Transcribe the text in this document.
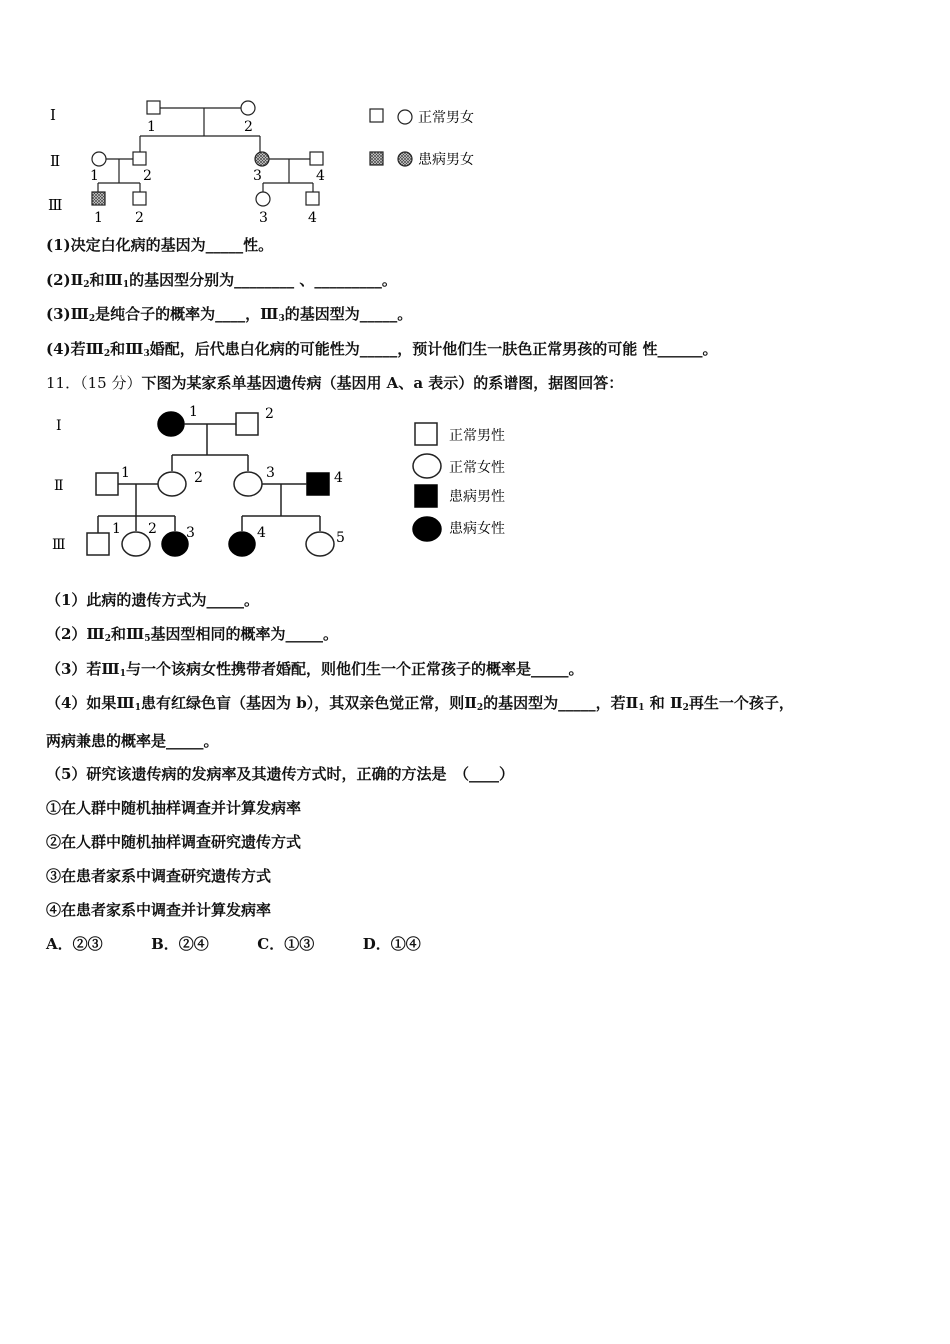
Ⅰ
Ⅱ
Ⅲ
1	2
1	2	3	4
1 2	3	4
正常男女
患病男女
(1)决定白化病的基因为_____性。
$(2)Ⅱ_2$和$Ⅲ_1$的基因型分别为________ 、_________。
$(3)Ⅲ_2$是纯合子的概率为____，$Ⅲ_3$的基因型为_____。
(4)若$Ⅲ_2$和$Ⅲ_3$婚配，后代患白化病的可能性为_____，预计他们生一肤色正常男孩的可能 性______。
11．（15 分）下图为某家系单基因遗传病（基因用 A、a 表示）的系谱图，据图回答：
Ⅰ
Ⅱ
Ⅲ
1	2
1	2	3	4
1 2 3	4	5
正常男性
正常女性
患病男性
患病女性
（1）此病的遗传方式为_____。
$(2)Ⅲ_2$和$Ⅲ_5$基因型相同的概率为_____。
（3）若$Ⅲ_1$与一个该病女性携带者婚配，则他们生一个正常孩子的概率是_____。
（4）如果$Ⅲ_1$患有红绿色盲（基因为 b），其双亲色觉正常，则$Ⅱ_2$的基因型为_____，若$Ⅱ_1$ 和 $Ⅱ_2$再生一个孩子，
两病兼患的概率是_____。
（5）研究该遗传病的发病率及其遗传方式时，正确的方法是　（____）
①在人群中随机抽样调查并计算发病率
②在人群中随机抽样调查研究遗传方式
③在患者家系中调查研究遗传方式
④在患者家系中调查并计算发病率
A．②③	B．②④	C．①③	D．①④
